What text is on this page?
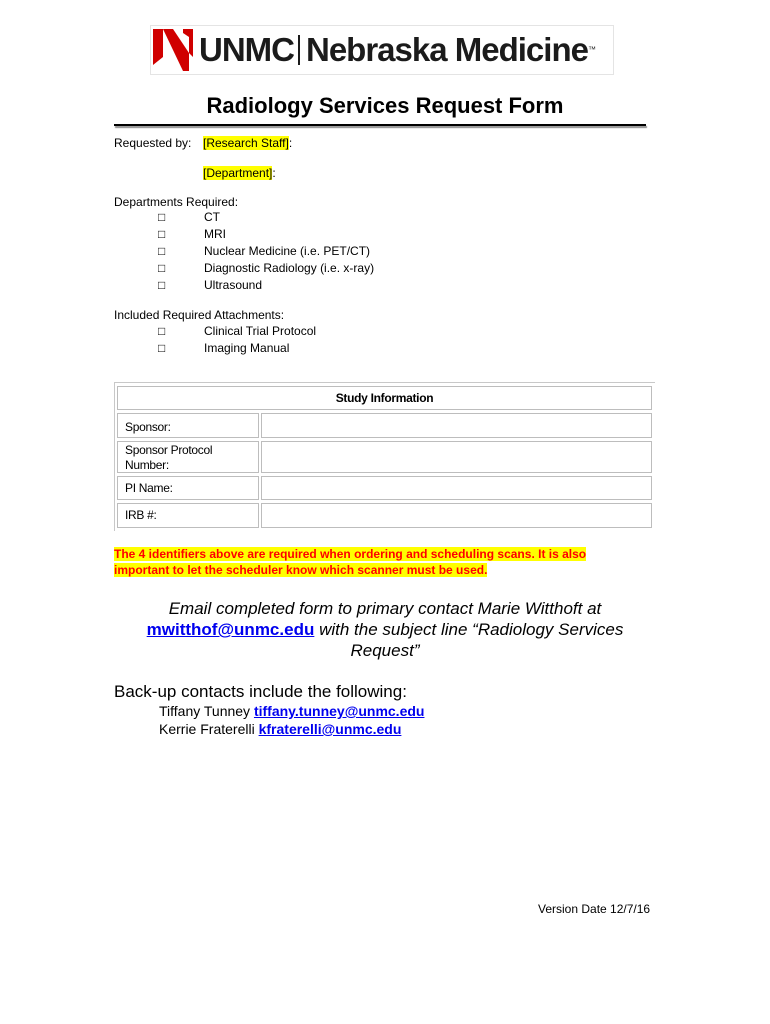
UNMC Nebraska Medicine™
Radiology Services Request Form
Requested by: [Research Staff]:
[Department]:
Departments Required:
□	CT
□	MRI
□	Nuclear Medicine (i.e. PET/CT)
□	Diagnostic Radiology (i.e. x-ray)
□	Ultrasound
Included Required Attachments:
□	Clinical Trial Protocol
□	Imaging Manual
Study Information
Sponsor:
Sponsor Protocol Number:
PI Name:
IRB #:

The 4 identifiers above are required when ordering and scheduling scans. It is also important to let the scheduler know which scanner must be used.

Email completed form to primary contact Marie Witthoft at
mwitthof@unmc.edu with the subject line “Radiology Services Request”

Back-up contacts include the following:

Tiffany Tunney tiffany.tunney@unmc.edu
Kerrie Fraterelli kfraterelli@unmc.edu
Version Date 12/7/16
